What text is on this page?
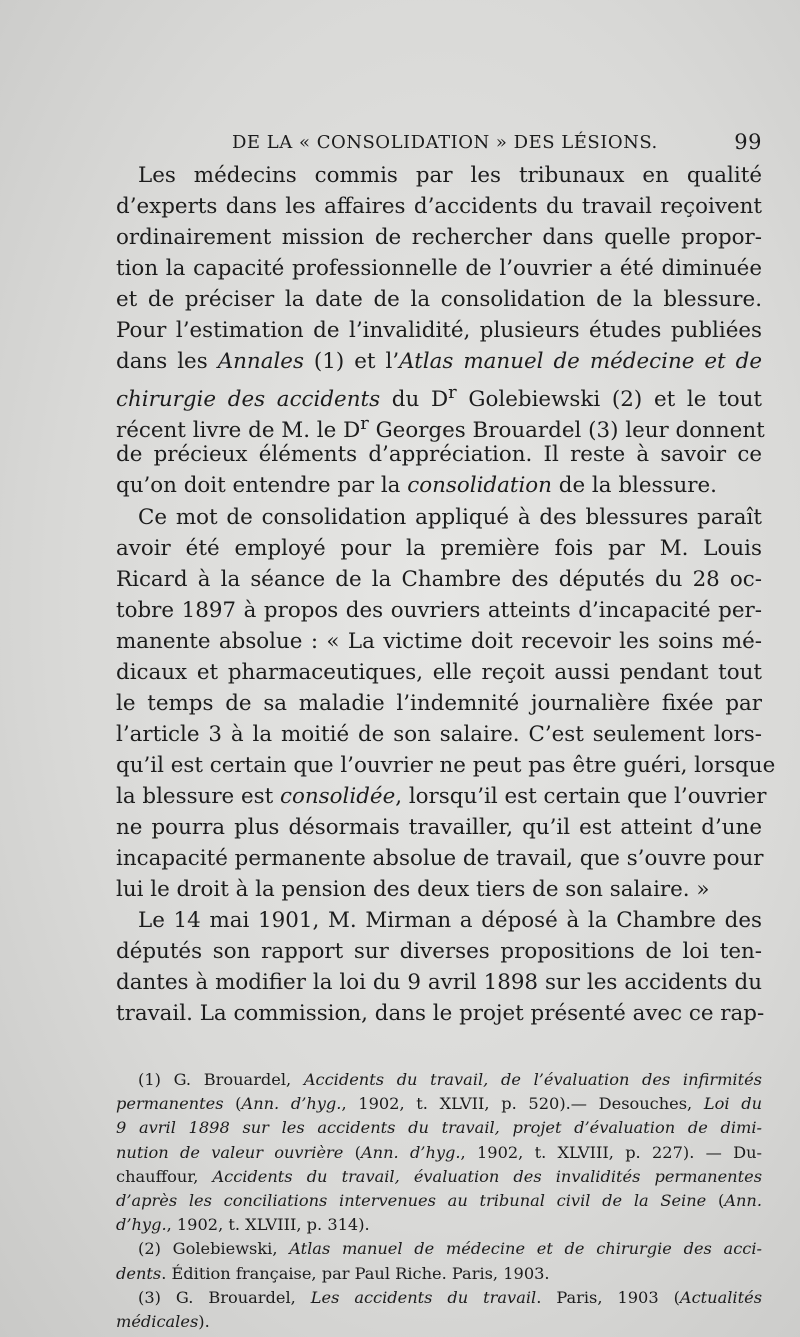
DE LA « CONSOLIDATION » DES LÉSIONS.	99
Les médecins commis par les tribunaux en qualité
d’experts dans les affaires d’accidents du travail reçoivent
ordinairement mission de rechercher dans quelle propor-
tion la capacité professionnelle de l’ouvrier a été diminuée
et de préciser la date de la consolidation de la blessure.
Pour l’estimation de l’invalidité, plusieurs études publiées
dans les Annales (1) et l’Atlas manuel de médecine et de
chirurgie des accidents du $D^r$ Golebiewski (2) et le tout
récent livre de M. le $D^r$ Georges Brouardel (3) leur donnent
de précieux éléments d’appréciation. Il reste à savoir ce
qu’on doit entendre par la consolidation de la blessure.
Ce mot de consolidation appliqué à des blessures paraît
avoir été employé pour la première fois par M. Louis
Ricard à la séance de la Chambre des députés du 28 oc-
tobre 1897 à propos des ouvriers atteints d’incapacité per-
manente absolue : « La victime doit recevoir les soins mé-
dicaux et pharmaceutiques, elle reçoit aussi pendant tout
le temps de sa maladie l’indemnité journalière fixée par
l’article 3 à la moitié de son salaire. C’est seulement lors-
qu’il est certain que l’ouvrier ne peut pas être guéri, lorsque
la blessure est consolidée, lorsqu’il est certain que l’ouvrier
ne pourra plus désormais travailler, qu’il est atteint d’une
incapacité permanente absolue de travail, que s’ouvre pour
lui le droit à la pension des deux tiers de son salaire. »
Le 14 mai 1901, M. Mirman a déposé à la Chambre des
députés son rapport sur diverses propositions de loi ten-
dantes à modifier la loi du 9 avril 1898 sur les accidents du
travail. La commission, dans le projet présenté avec ce rap-
(1) G. Brouardel, Accidents du travail, de l’évaluation des infirmités
permanentes (Ann. d’hyg., 1902, t. XLVII, p. 520).— Desouches, Loi du
9 avril 1898 sur les accidents du travail, projet d’évaluation de dimi-
nution de valeur ouvrière (Ann. d’hyg., 1902, t. XLVIII, p. 227). — Du-
chauffour, Accidents du travail, évaluation des invalidités permanentes
d’après les conciliations intervenues au tribunal civil de la Seine (Ann.
d’hyg., 1902, t. XLVIII, p. 314).
(2) Golebiewski, Atlas manuel de médecine et de chirurgie des acci-
dents. Édition française, par Paul Riche. Paris, 1903.
(3) G. Brouardel, Les accidents du travail. Paris, 1903 (Actualités
médicales).
